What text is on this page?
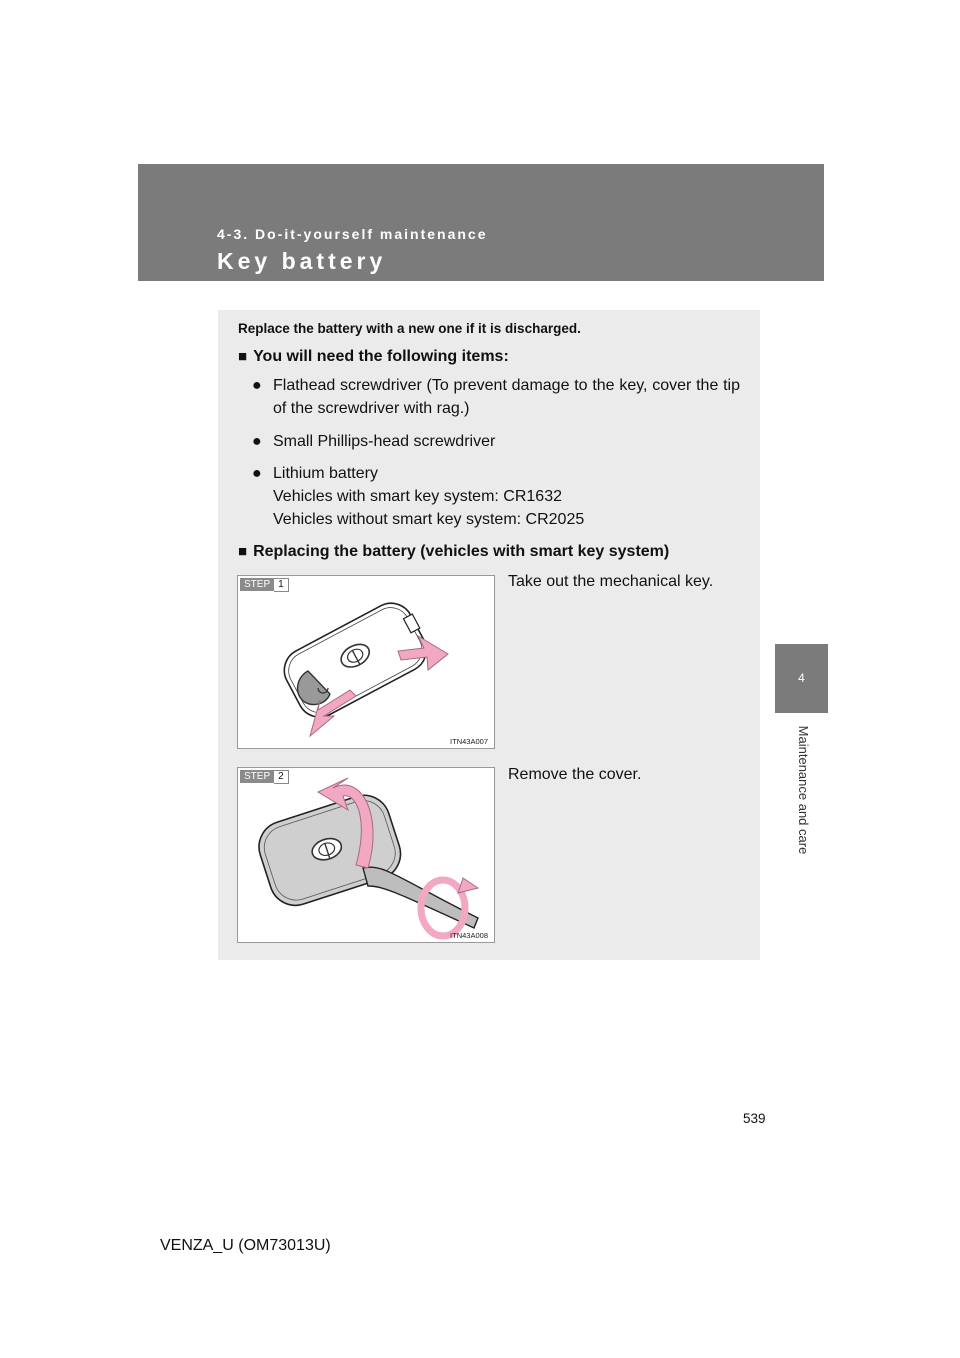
4-3. Do-it-yourself maintenance
Key battery
4
Maintenance and care
Replace the battery with a new one if it is discharged.
■ You will need the following items:
● Flathead screwdriver (To prevent damage to the key, cover the tip of the screwdriver with rag.)
● Small Phillips-head screwdriver
● Lithium battery
Vehicles with smart key system: CR1632
Vehicles without smart key system: CR2025
■ Replacing the battery (vehicles with smart key system)
STEP 1
ITN43A007
Take out the mechanical key.
STEP 2
ITN43A008
Remove the cover.
539
VENZA_U (OM73013U)
